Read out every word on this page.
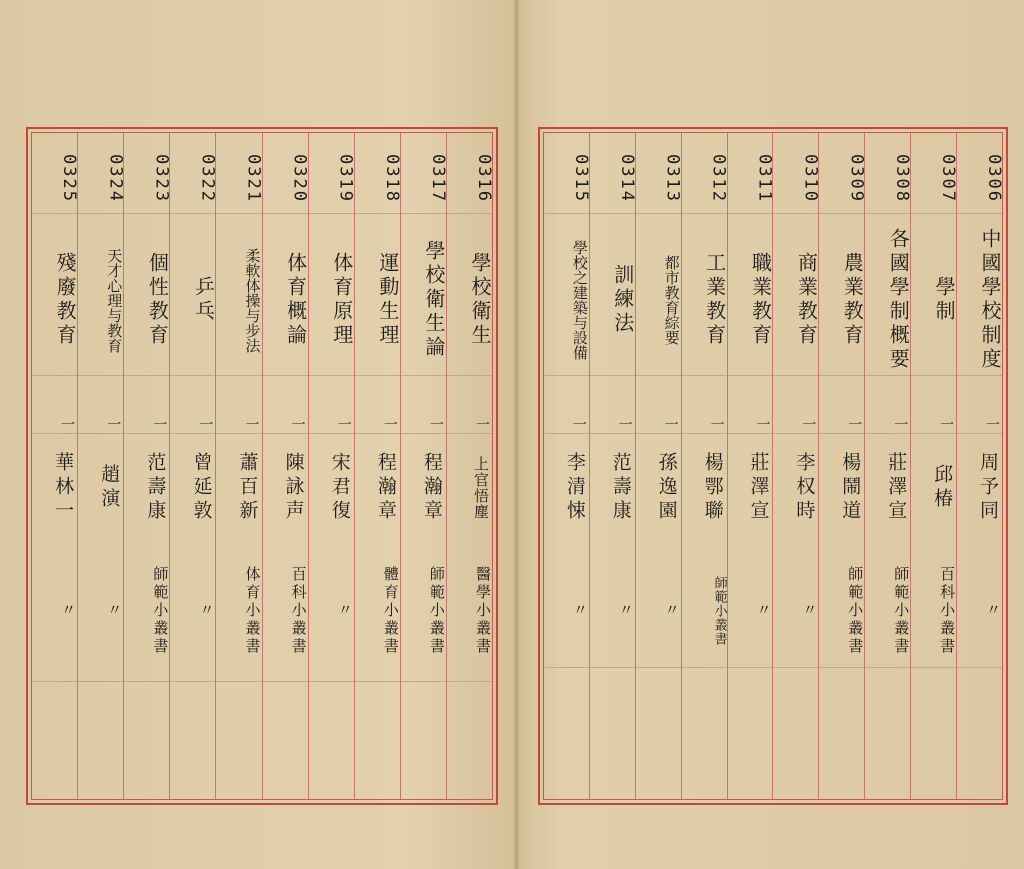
0316
學校衛生
一
上官悟塵
醫學小叢書
0317
學校衛生論
一
程瀚章
師範小叢書
0318
運動生理
一
程瀚章
體育小叢書
0319
体育原理
一
宋君復
〃
0320
体育概論
一
陳詠声
百科小叢書
0321
柔軟体操与步法
一
蕭百新
体育小叢書
0322
乒乓
一
曾延敦
〃
0323
個性教育
一
范壽康
師範小叢書
0324
天才心理与教育
一
趙演
〃
0325
殘廢教育
一
華林一
〃
0306
中國學校制度
一
周予同
〃
0307
學制
一
邱椿
百科小叢書
0308
各國學制概要
一
莊澤宣
師範小叢書
0309
農業教育
一
楊鬧道
師範小叢書
0310
商業教育
一
李权時
〃
0311
職業教育
一
莊澤宣
〃
0312
工業教育
一
楊鄂聯
師範小叢書
0313
都市教育綜要
一
孫逸園
〃
0314
訓練法
一
范壽康
〃
0315
學校之建築与設備
一
李清悚
〃
